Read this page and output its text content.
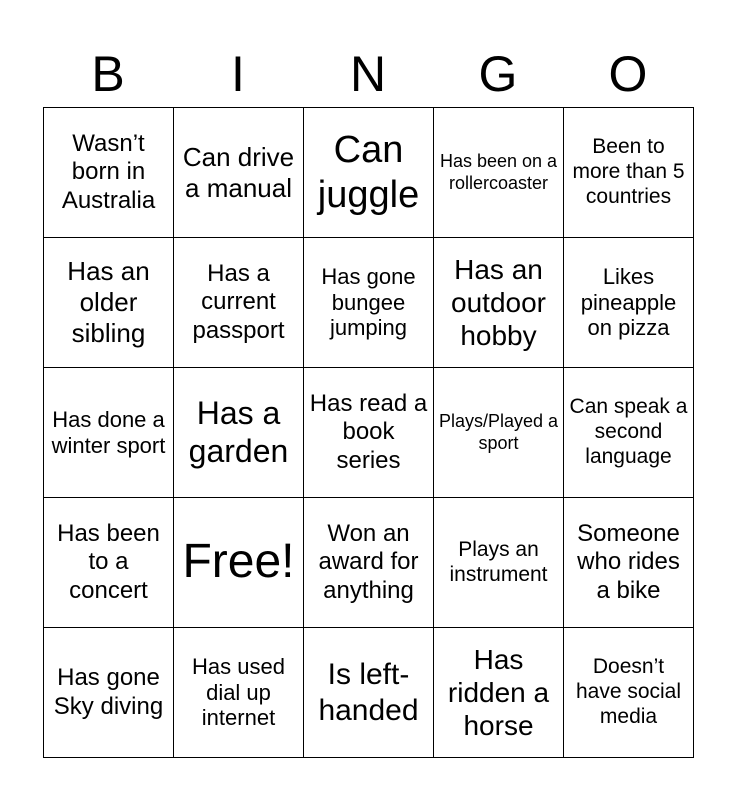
B	I	N	G	O
Wasn’t born in Australia	Can drive a manual	Can juggle	Has been on a rollercoaster	Been to more than 5 countries
Has an older sibling	Has a current passport	Has gone bungee jumping	Has an outdoor hobby	Likes pineapple on pizza
Has done a winter sport	Has a garden	Has read a book series	Plays/Played a sport	Can speak a second language
Has been to a concert	Free!	Won an award for anything	Plays an instrument	Someone who rides a bike
Has gone Sky diving	Has used dial up internet	Is left-handed	Has ridden a horse	Doesn’t have social media
